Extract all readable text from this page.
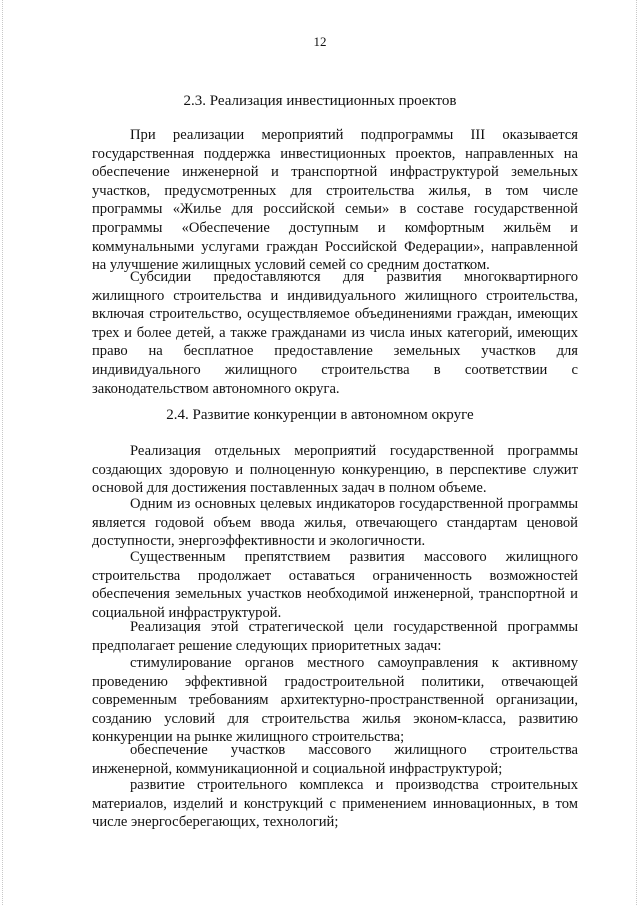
12
2.3. Реализация инвестиционных проектов

При реализации мероприятий подпрограммы III оказывается государственная поддержка инвестиционных проектов, направленных на обеспечение инженерной и транспортной инфраструктурой земельных участков, предусмотренных для строительства жилья, в том числе программы «Жилье для российской семьи» в составе государственной программы «Обеспечение доступным и комфортным жильём и коммунальными услугами граждан Российской Федерации», направленной на улучшение жилищных условий семей со средним достатком.

Субсидии предоставляются для развития многоквартирного жилищного строительства и индивидуального жилищного строительства, включая строительство, осуществляемое объединениями граждан, имеющих трех и более детей, а также гражданами из числа иных категорий, имеющих право на бесплатное предоставление земельных участков для индивидуального жилищного строительства в соответствии с законодательством автономного округа.

2.4. Развитие конкуренции в автономном округе

Реализация отдельных мероприятий государственной программы создающих здоровую и полноценную конкуренцию, в перспективе служит основой для достижения поставленных задач в полном объеме.

Одним из основных целевых индикаторов государственной программы является годовой объем ввода жилья, отвечающего стандартам ценовой доступности, энергоэффективности и экологичности.

Существенным препятствием развития массового жилищного строительства продолжает оставаться ограниченность возможностей обеспечения земельных участков необходимой инженерной, транспортной и социальной инфраструктурой.

Реализация этой стратегической цели государственной программы предполагает решение следующих приоритетных задач:

стимулирование органов местного самоуправления к активному проведению эффективной градостроительной политики, отвечающей современным требованиям архитектурно-пространственной организации, созданию условий для строительства жилья эконом-класса, развитию конкуренции на рынке жилищного строительства;

обеспечение участков массового жилищного строительства инженерной, коммуникационной и социальной инфраструктурой;

развитие строительного комплекса и производства строительных материалов, изделий и конструкций с применением инновационных, в том числе энергосберегающих, технологий;
